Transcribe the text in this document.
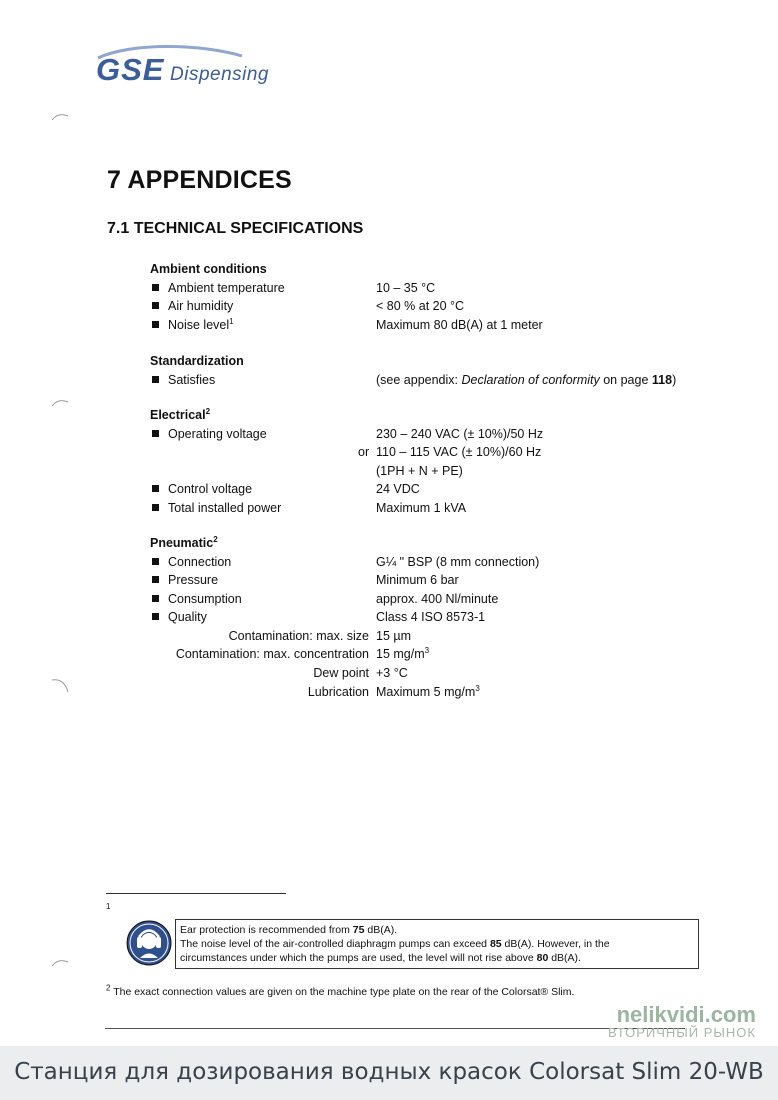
GSE Dispensing
7 APPENDICES
7.1 TECHNICAL SPECIFICATIONS
Ambient conditions
Ambient temperature	10 – 35 °C
Air humidity	< 80 % at 20 °C
Noise level$^1$	Maximum 80 dB(A) at 1 meter
Standardization
Satisfies	(see appendix: Declaration of conformity on page 118)
Electrical$^2$
Operating voltage	230 – 240 VAC (± 10%)/50 Hz
or 110 – 115 VAC (± 10%)/60 Hz
(1PH + N + PE)
Control voltage	24 VDC
Total installed power	Maximum 1 kVA
Pneumatic$^2$
Connection	G¼ " BSP (8 mm connection)
Pressure	Minimum 6 bar
Consumption	approx. 400 Nl/minute
Quality	Class 4 ISO 8573-1
Contamination: max. size 15 µm
Contamination: max. concentration 15 $mg/m^3$
Dew point +3 °C
Lubrication Maximum 5 $mg/m^3$
1
Ear protection is recommended from 75 dB(A).
The noise level of the air-controlled diaphragm pumps can exceed 85 dB(A). However, in the
circumstances under which the pumps are used, the level will not rise above 80 dB(A).
$^2$ The exact connection values are given on the machine type plate on the rear of the Colorsat® Slim.
nelikvidi.com
ВТОРИЧНЫЙ РЫНОК
Станция для дозирования водных красок Colorsat Slim 20-WB
